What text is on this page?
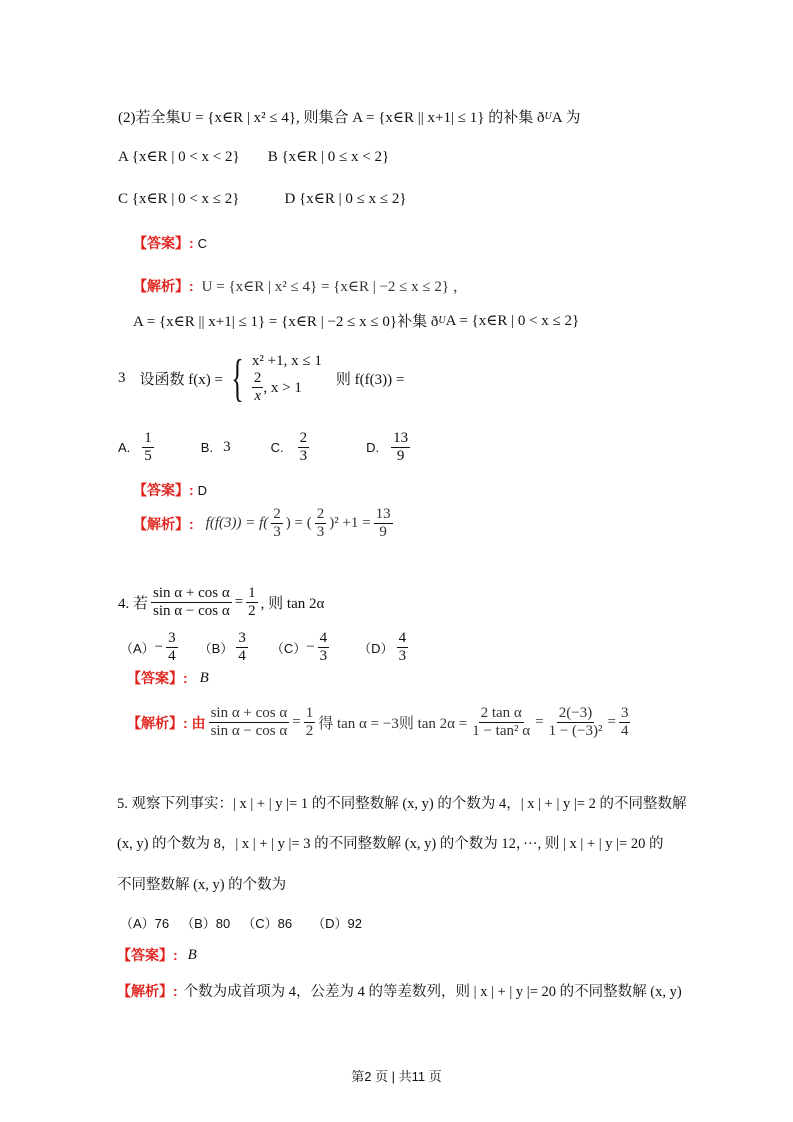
(2)若全集U = {x∈R | x² ≤ 4}, 则集合 A = {x∈R || x+1| ≤ 1} 的补集 ð U A 为
A {x∈R | 0 < x < 2} B {x∈R | 0 ≤ x < 2}
C {x∈R | 0 < x ≤ 2}	D {x∈R | 0 ≤ x ≤ 2}
【答案】: C
【解析】: U = {x∈R | x² ≤ 4} = {x∈R | −2 ≤ x ≤ 2} ，
A = {x∈R || x+1| ≤ 1} = {x∈R | −2 ≤ x ≤ 0}补集 ð U A = {x∈R | 0 < x ≤ 2}
3 设函数 f(x) = { x² +1, x ≤ 1
$\frac{2}{x}$ , x > 1 则 f(f(3)) =
A. $\frac{1}{5}$	B. 3	C. $\frac{2}{3}$	D. $\frac{13}{9}$
【答案】: D
【解析】: $f(f(3)) = f( \frac{2}{3}$ ) = ( $\frac{2}{3} )^2 +1 = \frac{13}{9}$
4. 若 $\frac{\text{sin α + cos α}}{\text{sin α − cos α}} = \frac{1}{2}$ , 则 tan 2α
$(A) - \frac{3}{4} (B) \frac{3}{4} (C) - \frac{4}{3} (D) \frac{4}{3}$
【答案】: B
【解析】: 由 $\frac{\text{sin α + cos α}}{\text{sin α − cos α}} = \frac{1}{2}$ 得 tan α = −3则 $\tan 2\alpha = \frac{\text{2 tan α}}{\text{1 − tan² α}} = \frac{2(-3)}{\text{1 − (−3)²}} = \frac{3}{4}$
5. 观察下列事实：| x | + | y |= 1 的不同整数解 (x, y) 的个数为 4，| x | + | y |= 2 的不同整数解
(x, y) 的个数为 8，| x | + | y |= 3 的不同整数解 (x, y) 的个数为 12，···, 则 | x | + | y |= 20 的
不同整数解 (x, y) 的个数为
（A）76 （B）80 （C）86 （D）92
【答案】: B
【解析】: 个数为成首项为 4，公差为 4 的等差数列，则 | x | + | y |= 20 的不同整数解 (x, y)
第2 页 | 共11 页
